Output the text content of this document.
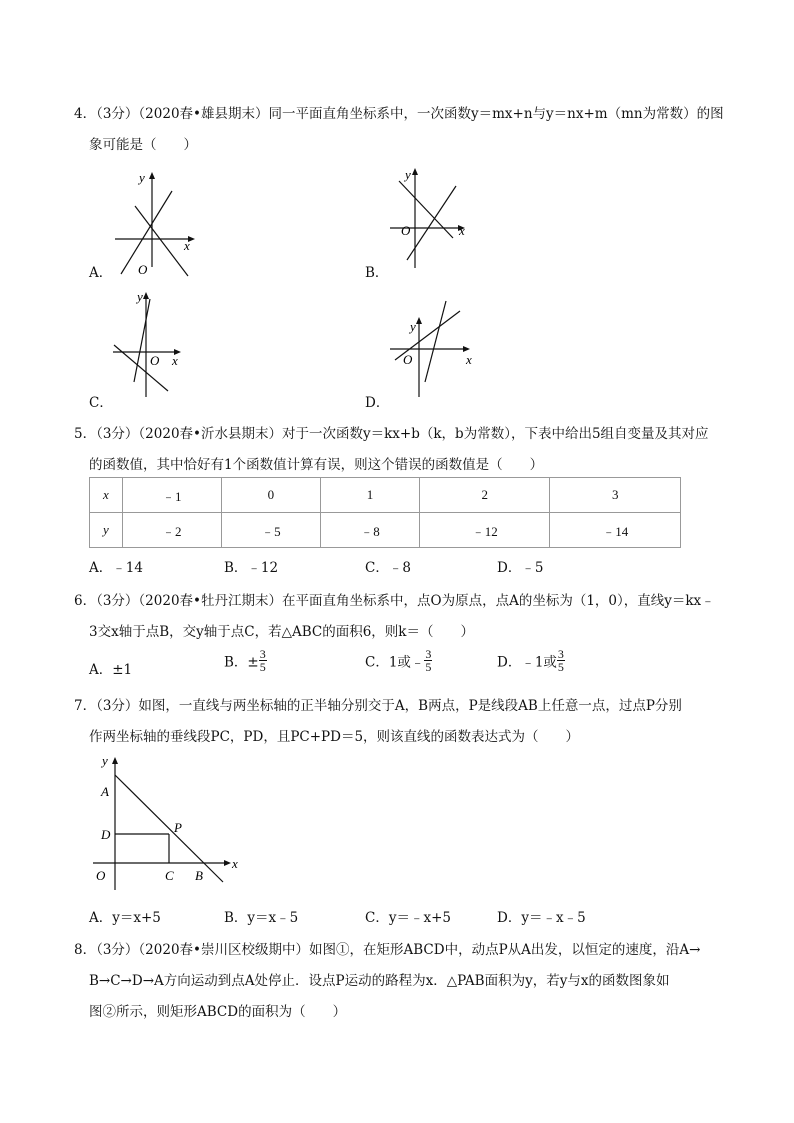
4．（3分）（2020春•雄县期末）同一平面直角坐标系中，一次函数y＝mx+n与y＝nx+m（mn为常数）的图
象可能是（　　）
y
x
O
A．
y
x
O
B．
y
x
O
C．
y
x
O
D．
5．（3分）（2020春•沂水县期末）对于一次函数y＝kx+b（k，b为常数），下表中给出5组自变量及其对应
的函数值，其中恰好有1个函数值计算有误，则这个错误的函数值是（　　）
x	﹣1	0	1	2	3
y	﹣2	﹣5	﹣8	﹣12	﹣14
A．﹣14	B．﹣12	C．﹣8	D．﹣5
6．（3分）（2020春•牡丹江期末）在平面直角坐标系中，点O为原点，点A的坐标为（1，0），直线y＝kx﹣
3交x轴于点B，交y轴于点C，若△ABC的面积6，则k＝（　　）
A．±1	B．± $\frac{3}{5}$	C．1或﹣ $\frac{3}{5}$	D．﹣1或 $\frac{3}{5}$
7．（3分）如图，一直线与两坐标轴的正半轴分别交于A，B两点，P是线段AB上任意一点，过点P分别
作两坐标轴的垂线段PC，PD，且PC+PD＝5，则该直线的函数表达式为（　　）
y
x
A
D	P
O	C B
A．y＝x+5	B．y＝x﹣5	C．y＝﹣x+5	D．y＝﹣x﹣5
8．（3分）（2020春•崇川区校级期中）如图①，在矩形ABCD中，动点P从A出发，以恒定的速度，沿A→
B→C→D→A方向运动到点A处停止．设点P运动的路程为x．△PAB面积为y，若y与x的函数图象如
图②所示，则矩形ABCD的面积为（　　）
